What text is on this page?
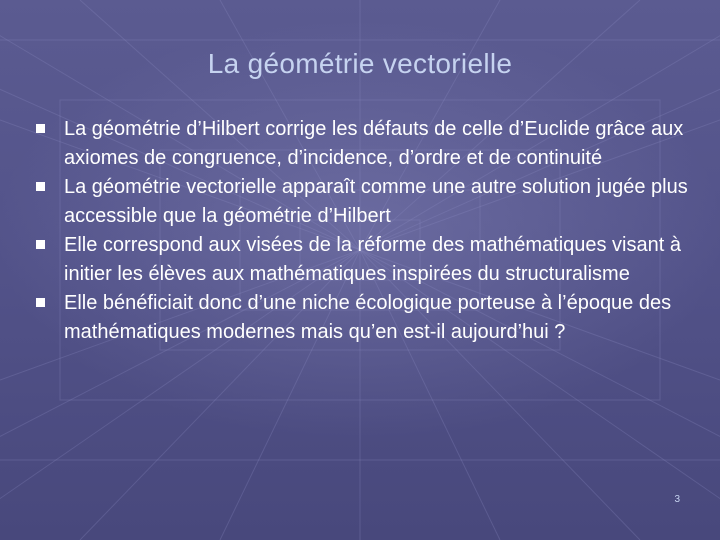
La géométrie vectorielle
La géométrie d’Hilbert corrige les défauts de celle d’Euclide grâce aux axiomes de congruence, d’incidence, d’ordre et de continuité
La géométrie vectorielle apparaît comme une autre solution jugée plus accessible que la géométrie d’Hilbert
Elle correspond aux visées de la réforme des mathématiques visant à initier les élèves aux mathématiques inspirées du structuralisme
Elle bénéficiait donc d’une niche écologique porteuse à l’époque des mathématiques modernes mais qu’en est-il aujourd’hui ?
3
